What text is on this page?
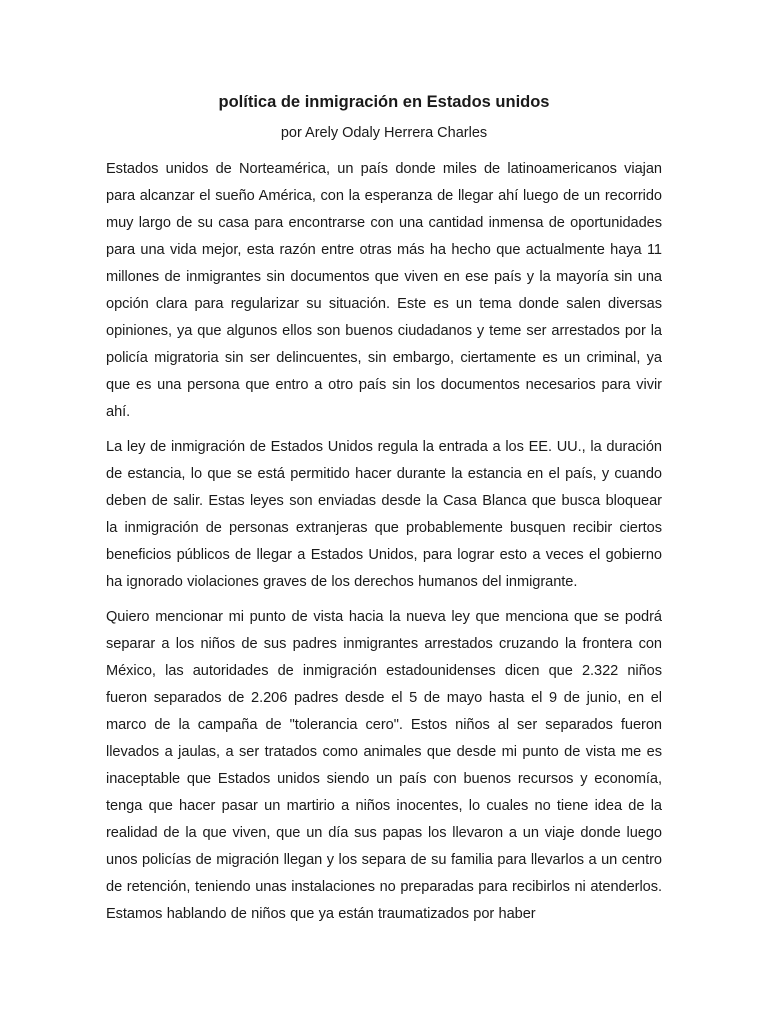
política de inmigración en Estados unidos

por Arely Odaly Herrera Charles

Estados unidos de Norteamérica, un país donde miles de latinoamericanos viajan para alcanzar el sueño América, con la esperanza de llegar ahí luego de un recorrido muy largo de su casa para encontrarse con una cantidad inmensa de oportunidades para una vida mejor, esta razón entre otras más ha hecho que actualmente haya 11 millones de inmigrantes sin documentos que viven en ese país y la mayoría sin una opción clara para regularizar su situación. Este es un tema donde salen diversas opiniones, ya que algunos ellos son buenos ciudadanos y teme ser arrestados por la policía migratoria sin ser delincuentes, sin embargo, ciertamente es un criminal, ya que es una persona que entro a otro país sin los documentos necesarios para vivir ahí.

La ley de inmigración de Estados Unidos regula la entrada a los EE. UU., la duración de estancia, lo que se está permitido hacer durante la estancia en el país, y cuando deben de salir. Estas leyes son enviadas desde la Casa Blanca que busca bloquear la inmigración de personas extranjeras que probablemente busquen recibir ciertos beneficios públicos de llegar a Estados Unidos, para lograr esto a veces el gobierno ha ignorado violaciones graves de los derechos humanos del inmigrante.

Quiero mencionar mi punto de vista hacia la nueva ley que menciona que se podrá separar a los niños de sus padres inmigrantes arrestados cruzando la frontera con México, las autoridades de inmigración estadounidenses dicen que 2.322 niños fueron separados de 2.206 padres desde el 5 de mayo hasta el 9 de junio, en el marco de la campaña de "tolerancia cero". Estos niños al ser separados fueron llevados a jaulas, a ser tratados como animales que desde mi punto de vista me es inaceptable que Estados unidos siendo un país con buenos recursos y economía, tenga que hacer pasar un martirio a niños inocentes, lo cuales no tiene idea de la realidad de la que viven, que un día sus papas los llevaron a un viaje donde luego unos policías de migración llegan y los separa de su familia para llevarlos a un centro de retención, teniendo unas instalaciones no preparadas para recibirlos ni atenderlos. Estamos hablando de niños que ya están traumatizados por haber
